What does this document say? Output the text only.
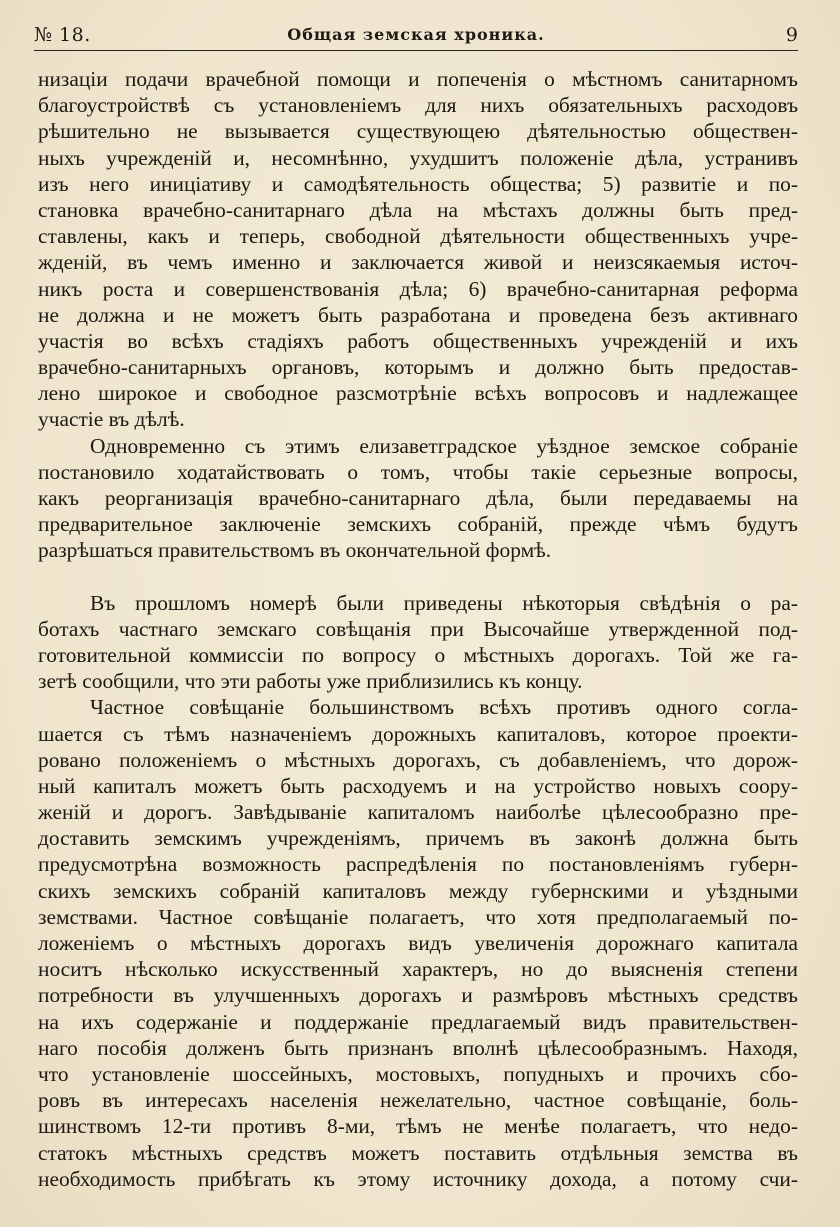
№ 18.	Общая земская хроника.	9
низаціи подачи врачебной помощи и попеченія о мѣстномъ санитарномъ
благоустройствѣ съ установленіемъ для нихъ обязательныхъ расходовъ
рѣшительно не вызывается существующею дѣятельностью обществен-
ныхъ учрежденій и, несомнѣнно, ухудшитъ положеніе дѣла, устранивъ
изъ него иниціативу и самодѣятельность общества; 5) развитіе и по-
становка врачебно-санитарнаго дѣла на мѣстахъ должны быть пред-
ставлены, какъ и теперь, свободной дѣятельности общественныхъ учре-
жденій, въ чемъ именно и заключается живой и неизсякаемыя источ-
никъ роста и совершенствованія дѣла; 6) врачебно-санитарная реформа
не должна и не можетъ быть разработана и проведена безъ активнаго
участія во всѣхъ стадіяхъ работъ общественныхъ учрежденій и ихъ
врачебно-санитарныхъ органовъ, которымъ и должно быть предостав-
лено широкое и свободное разсмотрѣніе всѣхъ вопросовъ и надлежащее
участіе въ дѣлѣ.
Одновременно съ этимъ елизаветградское уѣздное земское собраніе
постановило ходатайствовать о томъ, чтобы такіе серьезные вопросы,
какъ реорганизація врачебно-санитарнаго дѣла, были передаваемы на
предварительное заключеніе земскихъ собраній, прежде чѣмъ будутъ
разрѣшаться правительствомъ въ окончательной формѣ.
Въ прошломъ номерѣ были приведены нѣкоторыя свѣдѣнія о ра-
ботахъ частнаго земскаго совѣщанія при Высочайше утвержденной под-
готовительной коммиссіи по вопросу о мѣстныхъ дорогахъ. Той же га-
зетѣ сообщили, что эти работы уже приблизились къ концу.
Частное совѣщаніе большинствомъ всѣхъ противъ одного согла-
шается съ тѣмъ назначеніемъ дорожныхъ капиталовъ, которое проекти-
ровано положеніемъ о мѣстныхъ дорогахъ, съ добавленіемъ, что дорож-
ный капиталъ можетъ быть расходуемъ и на устройство новыхъ соору-
женій и дорогъ. Завѣдываніе капиталомъ наиболѣе цѣлесообразно пре-
доставить земскимъ учрежденіямъ, причемъ въ законѣ должна быть
предусмотрѣна возможность распредѣленія по постановленіямъ губерн-
скихъ земскихъ собраній капиталовъ между губернскими и уѣздными
земствами. Частное совѣщаніе полагаетъ, что хотя предполагаемый по-
ложеніемъ о мѣстныхъ дорогахъ видъ увеличенія дорожнаго капитала
носитъ нѣсколько искусственный характеръ, но до выясненія степени
потребности въ улучшенныхъ дорогахъ и размѣровъ мѣстныхъ средствъ
на ихъ содержаніе и поддержаніе предлагаемый видъ правительствен-
наго пособія долженъ быть признанъ вполнѣ цѣлесообразнымъ. Находя,
что установленіе шоссейныхъ, мостовыхъ, попудныхъ и прочихъ сбо-
ровъ въ интересахъ населенія нежелательно, частное совѣщаніе, боль-
шинствомъ 12-ти противъ 8-ми, тѣмъ не менѣе полагаетъ, что недо-
статокъ мѣстныхъ средствъ можетъ поставить отдѣльныя земства въ
необходимость прибѣгать къ этому источнику дохода, а потому счи-
